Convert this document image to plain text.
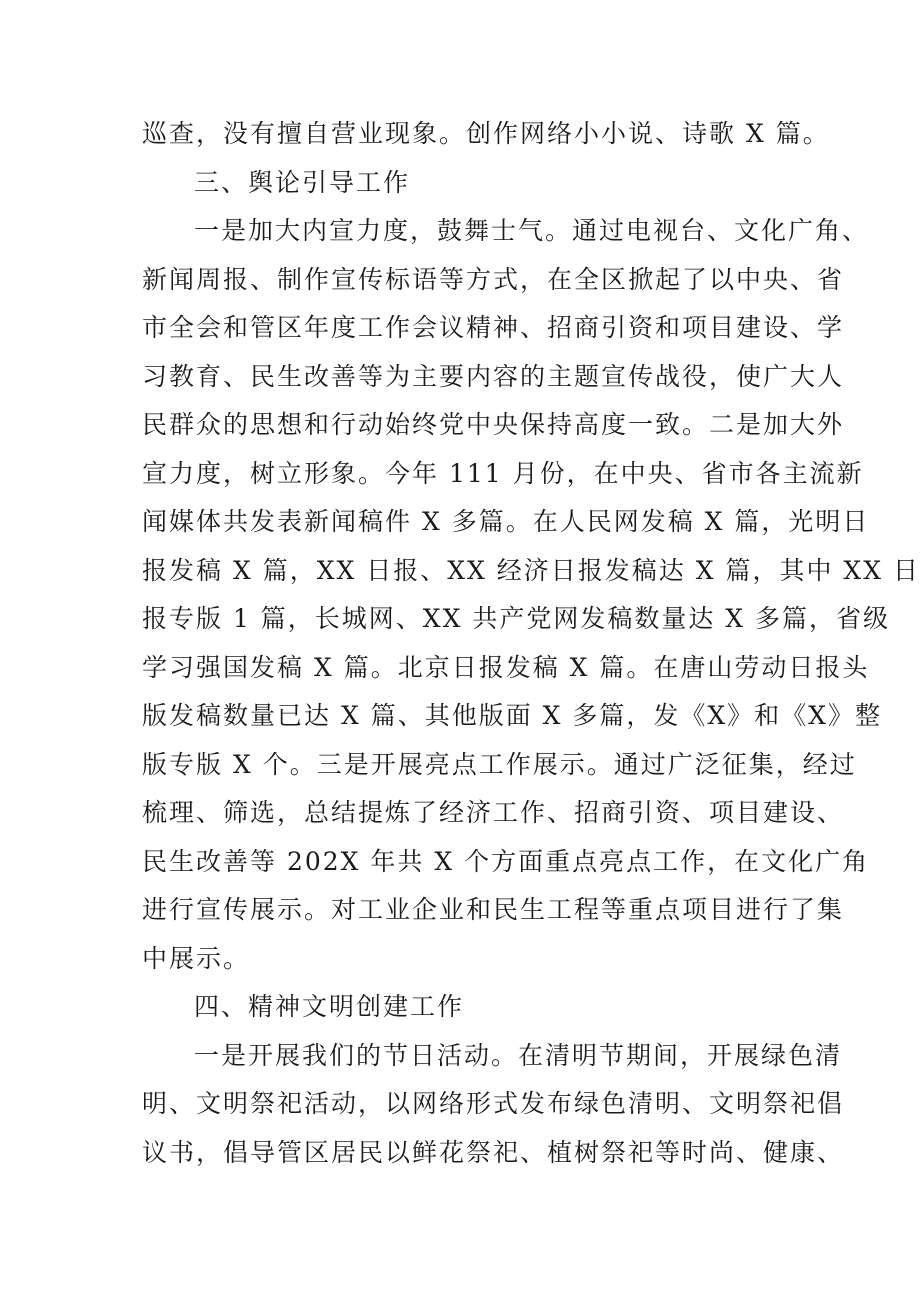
巡查，没有擅自营业现象。创作网络小小说、诗歌 X 篇。
三、舆论引导工作
一是加大内宣力度，鼓舞士气。通过电视台、文化广角、
新闻周报、制作宣传标语等方式，在全区掀起了以中央、省
市全会和管区年度工作会议精神、招商引资和项目建设、学
习教育、民生改善等为主要内容的主题宣传战役，使广大人
民群众的思想和行动始终党中央保持高度一致。二是加大外
宣力度，树立形象。今年 111 月份，在中央、省市各主流新
闻媒体共发表新闻稿件 X 多篇。在人民网发稿 X 篇，光明日
报发稿 X 篇，XX 日报、XX 经济日报发稿达 X 篇，其中 XX 日
报专版 1 篇，长城网、XX 共产党网发稿数量达 X 多篇，省级
学习强国发稿 X 篇。北京日报发稿 X 篇。在唐山劳动日报头
版发稿数量已达 X 篇、其他版面 X 多篇，发《X》和《X》整
版专版 X 个。三是开展亮点工作展示。通过广泛征集，经过
梳理、筛选，总结提炼了经济工作、招商引资、项目建设、
民生改善等 202X 年共 X 个方面重点亮点工作，在文化广角
进行宣传展示。对工业企业和民生工程等重点项目进行了集
中展示。
四、精神文明创建工作
一是开展我们的节日活动。在清明节期间，开展绿色清
明、文明祭祀活动，以网络形式发布绿色清明、文明祭祀倡
议书，倡导管区居民以鲜花祭祀、植树祭祀等时尚、健康、
